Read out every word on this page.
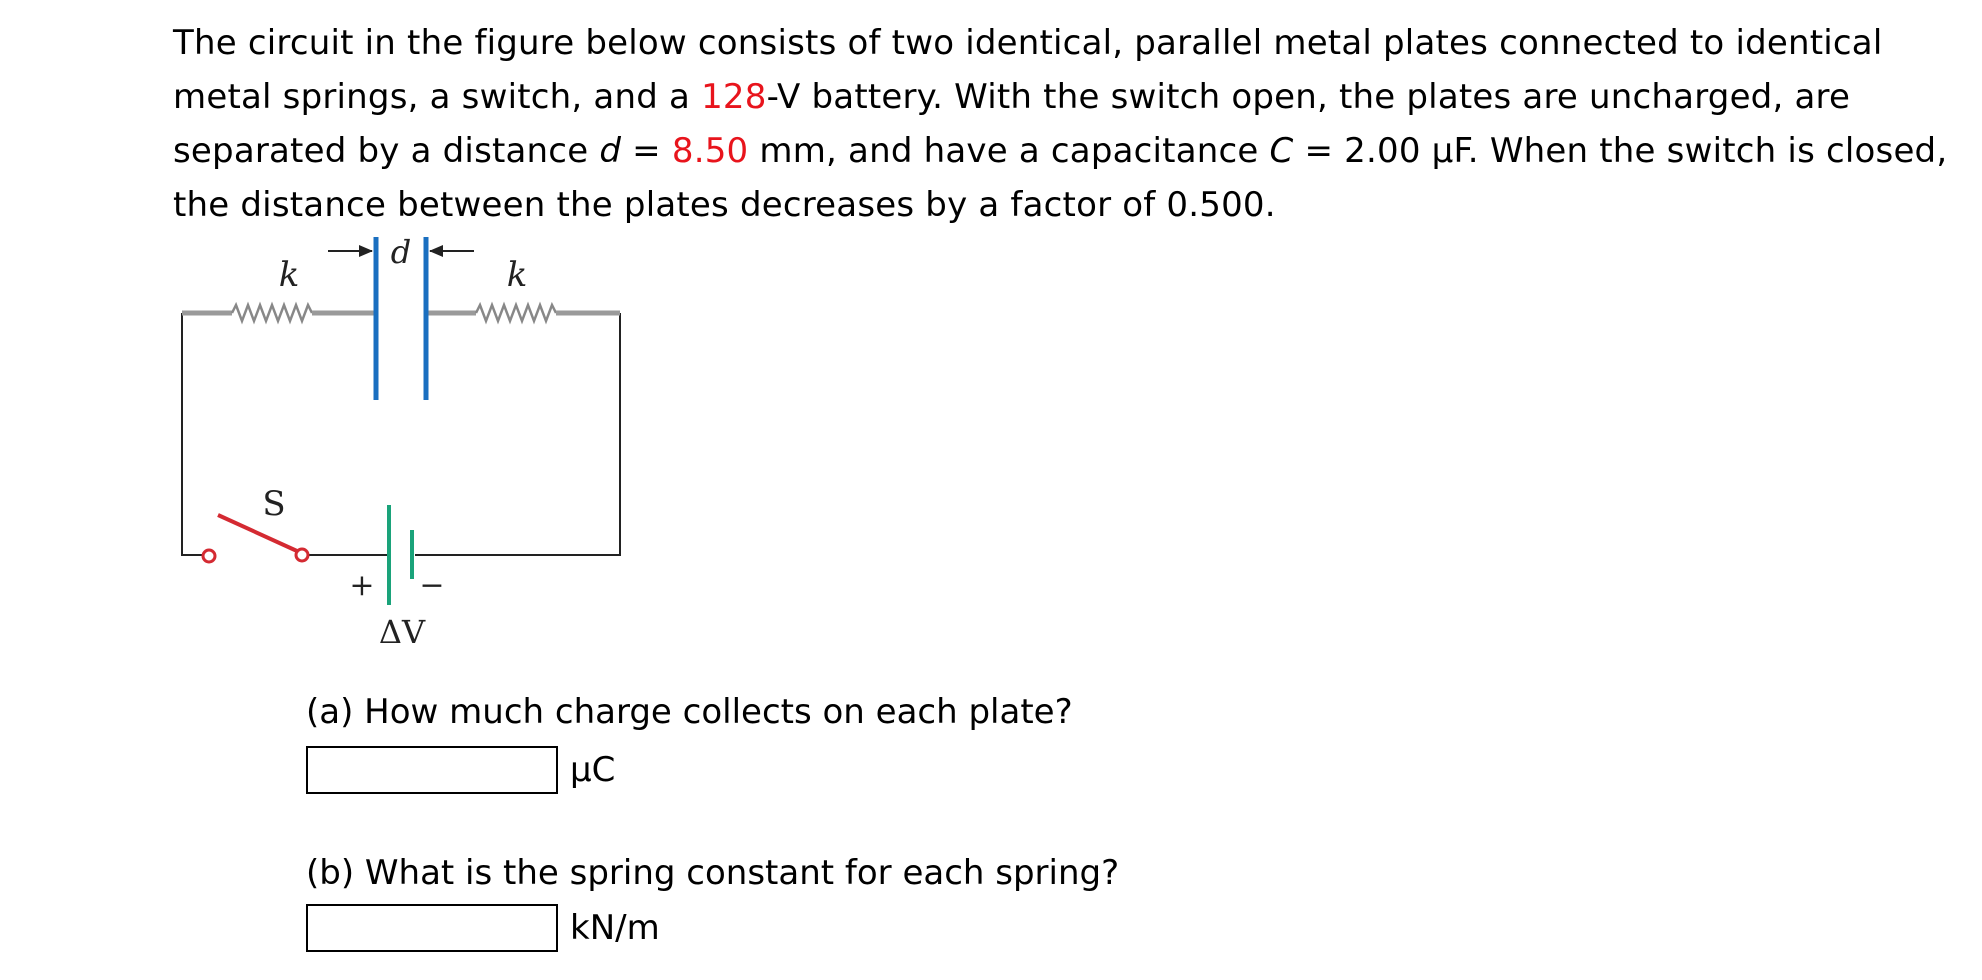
The circuit in the figure below consists of two identical, parallel metal plates connected to identical metal springs, a switch, and a 128-V battery. With the switch open, the plates are uncharged, are separated by a distance d = 8.50 mm, and have a capacitance C = 2.00 μF. When the switch is closed, the distance between the plates decreases by a factor of 0.500.
d
k	k
S
+ −
ΔV
(a) How much charge collects on each plate?
μC
(b) What is the spring constant for each spring?
kN/m
